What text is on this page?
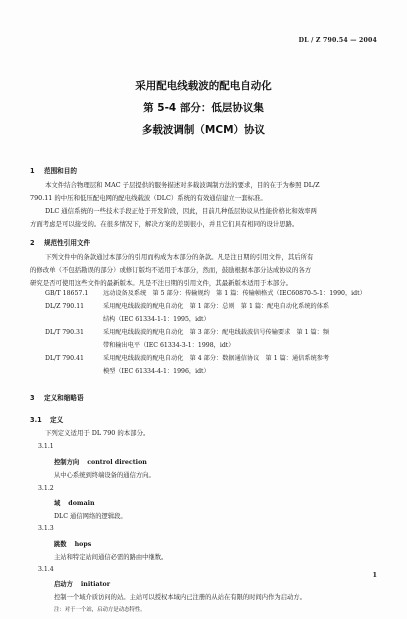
DL / Z 790.54 — 2004
采用配电线载波的配电自动化
第 5-4 部分：低层协议集
多载波调制（MCM）协议
1 范围和目的
本文件结合物理层和 MAC 子层提供的服务描述对多载波调制方法的要求，目的在于为参照 DL/Z
790.11 的中压和低压配电网的配电线载波（DLC）系统的有效通信建立一套标准。
DLC 通信系统的一些技术手段正处于开发阶段，因此，目前几种低层协议从性能价格比和效率两
方面考虑是可以接受的。在很多情况下，解决方案的差别很小，并且它们具有相同的设计思路。
2 规范性引用文件
下列文件中的条款通过本部分的引用而构成为本部分的条款。凡是注日期的引用文件，其后所有
的修改单（不包括勘误的部分）或修订版均不适用于本部分，然而，鼓励根据本部分达成协议的各方
研究是否可使用这些文件的最新版本。凡是不注日期的引用文件，其最新版本适用于本部分。
GB/T 18657.1 远动设备及系统　第 5 部分：传输规约　第 1 篇：传输帧格式（IEC60870-5-1：1990，idt）
DL/Z 790.11	采用配电线载波的配电自动化　第 1 部分：总则　第 1 篇：配电自动化系统的体系
结构（IEC 61334-1-1：1995，idt）
DL/T 790.31	采用配电线载波的配电自动化　第 3 部分：配电线载波信号传输要求　第 1 篇：频
带和输出电平（IEC 61334-3-1：1998，idt）
DL/T 790.41	采用配电线载波的配电自动化　第 4 部分：数据通信协议　第 1 篇：通信系统参考
模型（IEC 61334-4-1：1996，idt）
3 定义和缩略语
3.1 定义
下列定义适用于 DL 790 的本部分。
3.1.1
控制方向 control direction
从中心系统到终端设备的通信方向。
3.1.2
域 domain
DLC 通信网络的逻辑段。
3.1.3
跳数 hops
主站和特定站间通信必需的路由中继数。
3.1.4
启动方 initiator
控制一个域介质访问的站。主站可以授权本域内已注册的从站在有限的时间内作为启动方。
注：对于一个站，启动方是动态特性。
1
